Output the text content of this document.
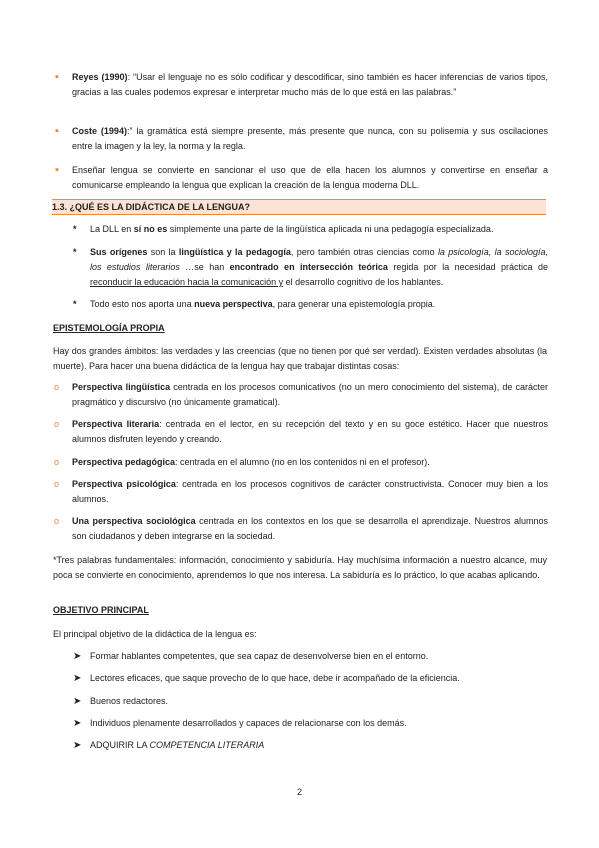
▪ Reyes (1990): “Usar el lenguaje no es sólo codificar y descodificar, sino también es hacer inferencias de varios tipos, gracias a las cuales podemos expresar e interpretar mucho más de lo que está en las palabras.”
▪ Coste (1994):” la gramática está siempre presente, más presente que nunca, con su polisemia y sus oscilaciones entre la imagen y la ley, la norma y la regla.
▪ Enseñar lengua se convierte en sancionar el uso que de ella hacen los alumnos y convertirse en enseñar a comunicarse empleando la lengua que explican la creación de la lengua moderna DLL.
1.3. ¿QUÉ ES LA DIDÁCTICA DE LA LENGUA?
* La DLL en sí no es simplemente una parte de la lingüística aplicada ni una pedagogía especializada.
* Sus orígenes son la lingüística y la pedagogía, pero también otras ciencias como la psicología, la sociología, los estudios literarios …se han encontrado en intersección teórica regida por la necesidad práctica de reconducir la educación hacia la comunicación y el desarrollo cognitivo de los hablantes.
* Todo esto nos aporta una nueva perspectiva, para generar una epistemología propia.
EPISTEMOLOGÍA PROPIA
Hay dos grandes ámbitos: las verdades y las creencias (que no tienen por qué ser verdad). Existen verdades absolutas (la muerte). Para hacer una buena didáctica de la lengua hay que trabajar distintas cosas:
o Perspectiva lingüística centrada en los procesos comunicativos (no un mero conocimiento del sistema), de carácter pragmático y discursivo (no únicamente gramatical).
o Perspectiva literaria: centrada en el lector, en su recepción del texto y en su goce estético. Hacer que nuestros alumnos disfruten leyendo y creando.
o Perspectiva pedagógica: centrada en el alumno (no en los contenidos ni en el profesor).
o Perspectiva psicológica: centrada en los procesos cognitivos de carácter constructivista. Conocer muy bien a los alumnos.
o Una perspectiva sociológica centrada en los contextos en los que se desarrolla el aprendizaje. Nuestros alumnos son ciudadanos y deben integrarse en la sociedad.
*Tres palabras fundamentales: información, conocimiento y sabiduría. Hay muchísima información a nuestro alcance, muy poca se convierte en conocimiento, aprendemos lo que nos interesa. La sabiduría es lo práctico, lo que acabas aplicando.
OBJETIVO PRINCIPAL
El principal objetivo de la didáctica de la lengua es:
➤ Formar hablantes competentes, que sea capaz de desenvolverse bien en el entorno.
➤ Lectores eficaces, que saque provecho de lo que hace, debe ir acompañado de la eficiencia.
➤ Buenos redactores.
➤ Individuos plenamente desarrollados y capaces de relacionarse con los demás.
➤ ADQUIRIR LA COMPETENCIA LITERARIA
2
